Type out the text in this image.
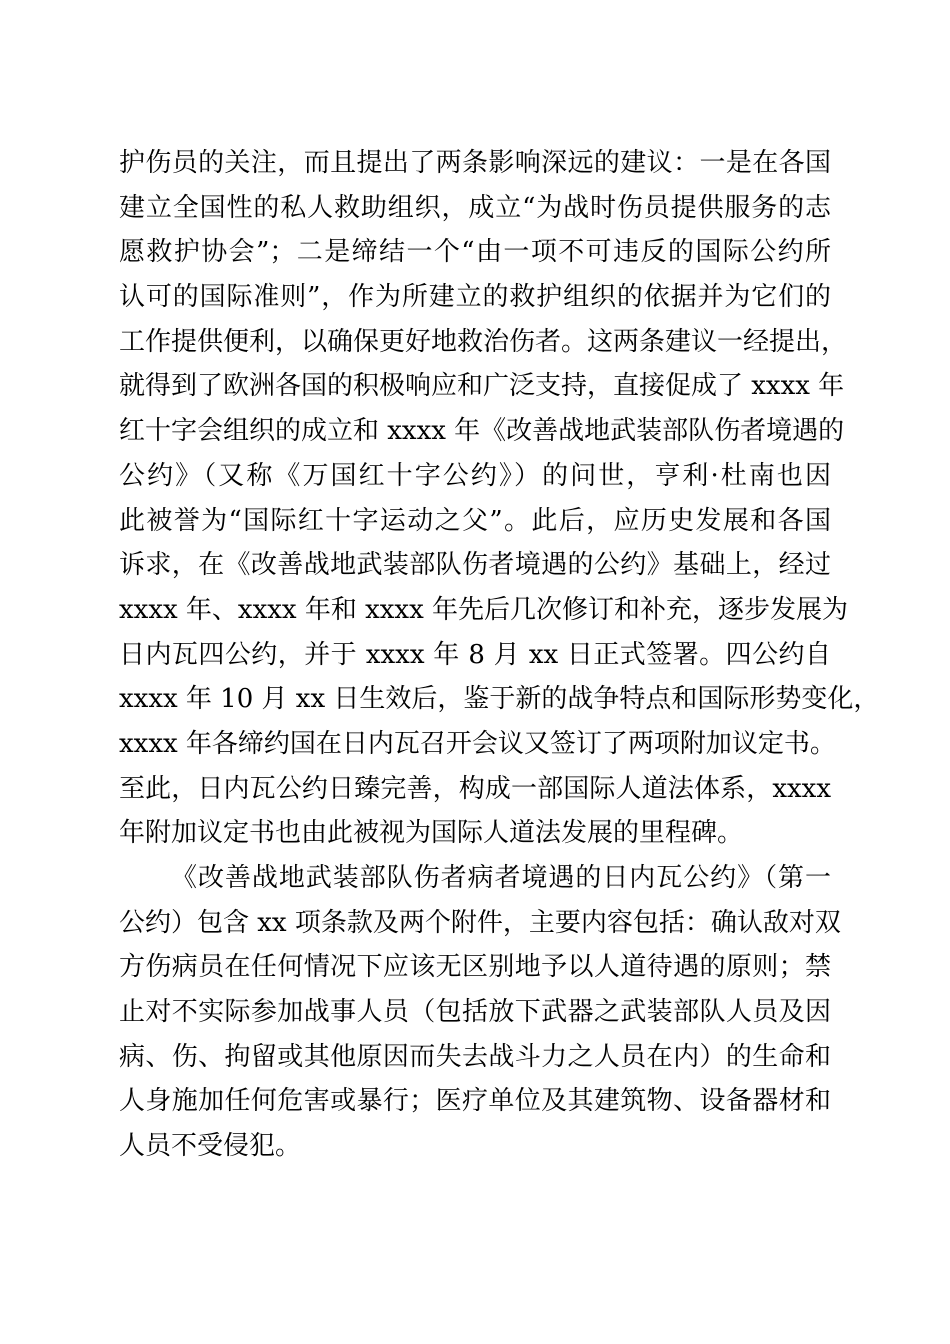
护伤员的关注，而且提出了两条影响深远的建议：一是在各国
建立全国性的私人救助组织，成立“为战时伤员提供服务的志
愿救护协会”；二是缔结一个“由一项不可违反的国际公约所
认可的国际准则”，作为所建立的救护组织的依据并为它们的
工作提供便利，以确保更好地救治伤者。这两条建议一经提出，
就得到了欧洲各国的积极响应和广泛支持，直接促成了 xxxx 年
红十字会组织的成立和 xxxx 年《改善战地武装部队伤者境遇的
公约》（又称《万国红十字公约》）的问世，亨利·杜南也因
此被誉为“国际红十字运动之父”。此后，应历史发展和各国
诉求，在《改善战地武装部队伤者境遇的公约》基础上，经过
xxxx 年、xxxx 年和 xxxx 年先后几次修订和补充，逐步发展为
日内瓦四公约，并于 xxxx 年 8 月 xx 日正式签署。四公约自
xxxx 年 10 月 xx 日生效后，鉴于新的战争特点和国际形势变化，
xxxx 年各缔约国在日内瓦召开会议又签订了两项附加议定书。
至此，日内瓦公约日臻完善，构成一部国际人道法体系，xxxx
年附加议定书也由此被视为国际人道法发展的里程碑。
《改善战地武装部队伤者病者境遇的日内瓦公约》（第一
公约）包含 xx 项条款及两个附件，主要内容包括：确认敌对双
方伤病员在任何情况下应该无区别地予以人道待遇的原则；禁
止对不实际参加战事人员（包括放下武器之武装部队人员及因
病、伤、拘留或其他原因而失去战斗力之人员在内）的生命和
人身施加任何危害或暴行；医疗单位及其建筑物、设备器材和
人员不受侵犯。
